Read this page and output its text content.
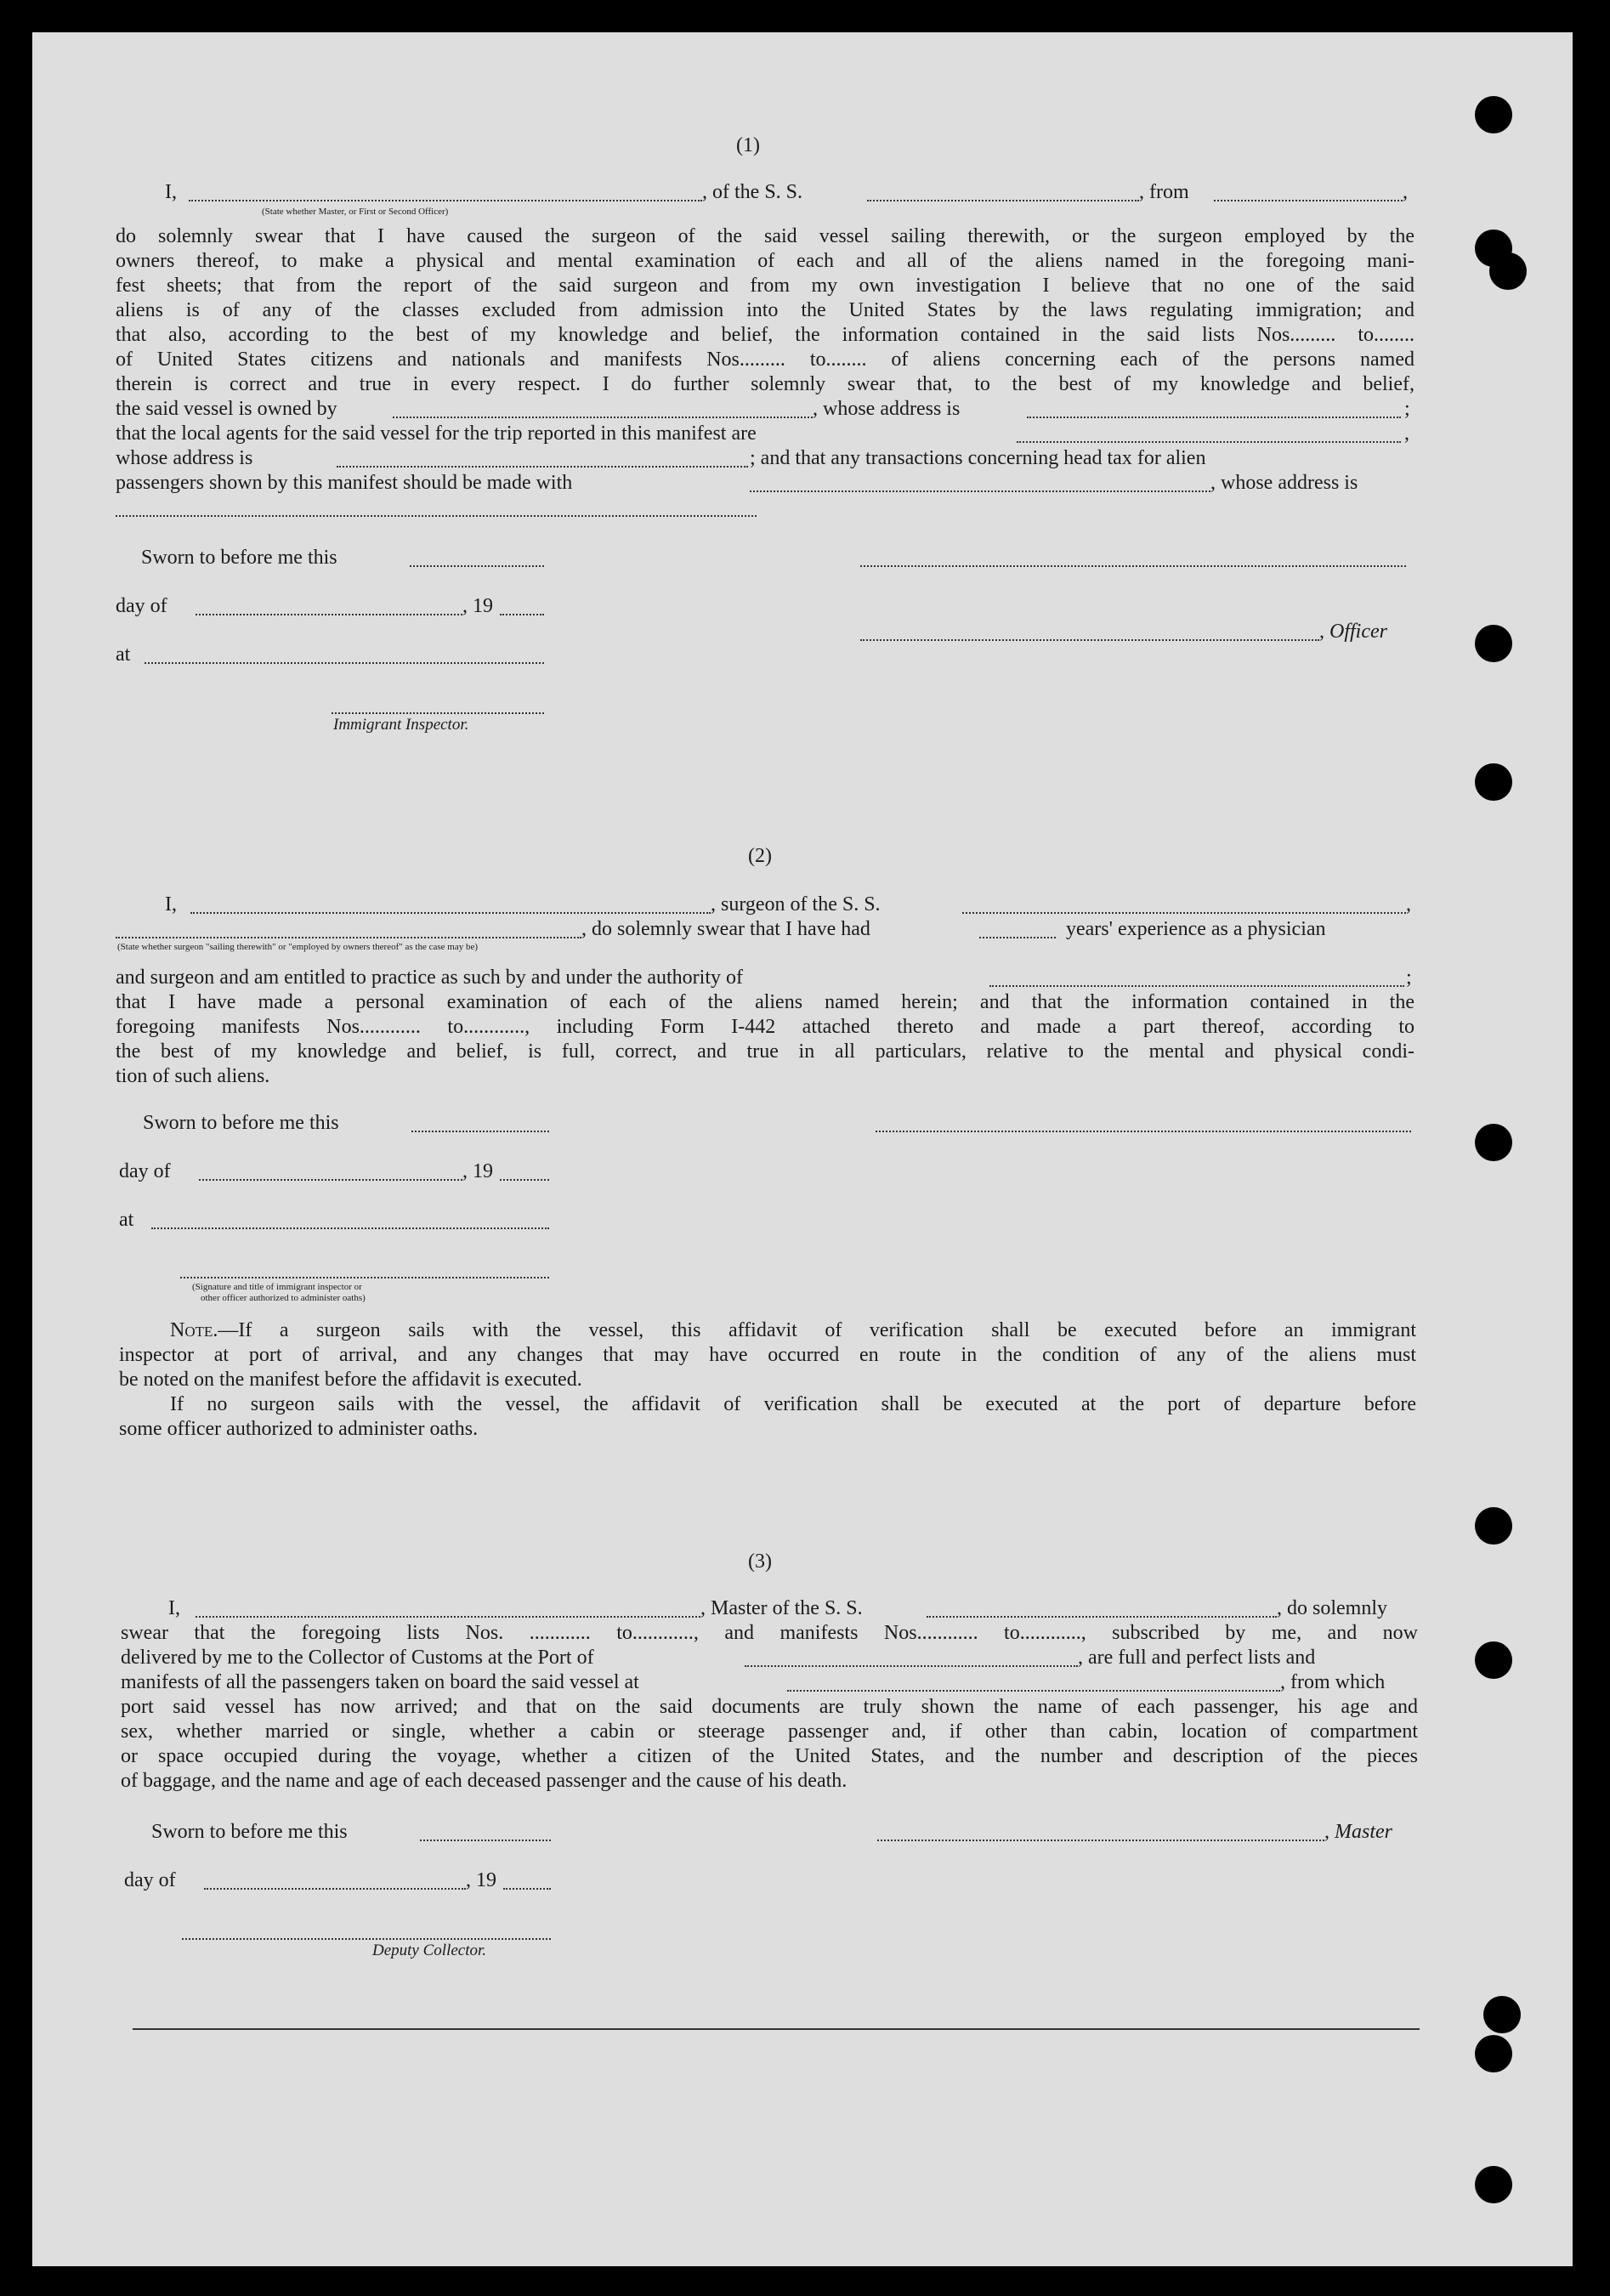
(1)
I,	, of the S. S.	, from	,
(State whether Master, or First or Second Officer)
do solemnly swear that I have caused the surgeon of the said vessel sailing therewith, or the surgeon employed by the
owners thereof, to make a physical and mental examination of each and all of the aliens named in the foregoing mani-
fest sheets; that from the report of the said surgeon and from my own investigation I believe that no one of the said
aliens is of any of the classes excluded from admission into the United States by the laws regulating immigration; and
that also, according to the best of my knowledge and belief, the information contained in the said lists Nos......... to........
of United States citizens and nationals and manifests Nos......... to........ of aliens concerning each of the persons named
therein is correct and true in every respect. I do further solemnly swear that, to the best of my knowledge and belief,
the said vessel is owned by	, whose address is	;
that the local agents for the said vessel for the trip reported in this manifest are	,
whose address is	; and that any transactions concerning head tax for alien
passengers shown by this manifest should be made with	, whose address is
Sworn to before me this
day of	, 19
, Officer
at
Immigrant Inspector.
(2)
I,	, surgeon of the S. S.	,
, do solemnly swear that I have had	years' experience as a physician
(State whether surgeon "sailing therewith" or "employed by owners thereof" as the case may be)
and surgeon and am entitled to practice as such by and under the authority of	;
that I have made a personal examination of each of the aliens named herein; and that the information contained in the
foregoing manifests Nos............ to............, including Form I-442 attached thereto and made a part thereof, according to
the best of my knowledge and belief, is full, correct, and true in all particulars, relative to the mental and physical condi-
tion of such aliens.
Sworn to before me this
day of	, 19
at
(Signature and title of immigrant inspector or
other officer authorized to administer oaths)
Note.—If a surgeon sails with the vessel, this affidavit of verification shall be executed before an immigrant
inspector at port of arrival, and any changes that may have occurred en route in the condition of any of the aliens must
be noted on the manifest before the affidavit is executed.
If no surgeon sails with the vessel, the affidavit of verification shall be executed at the port of departure before
some officer authorized to administer oaths.
(3)
I,	, Master of the S. S.	, do solemnly
swear that the foregoing lists Nos. ............ to............, and manifests Nos............ to............, subscribed by me, and now
delivered by me to the Collector of Customs at the Port of	, are full and perfect lists and
manifests of all the passengers taken on board the said vessel at	, from which
port said vessel has now arrived; and that on the said documents are truly shown the name of each passenger, his age and
sex, whether married or single, whether a cabin or steerage passenger and, if other than cabin, location of compartment
or space occupied during the voyage, whether a citizen of the United States, and the number and description of the pieces
of baggage, and the name and age of each deceased passenger and the cause of his death.
Sworn to before me this	, Master
day of	, 19
Deputy Collector.
